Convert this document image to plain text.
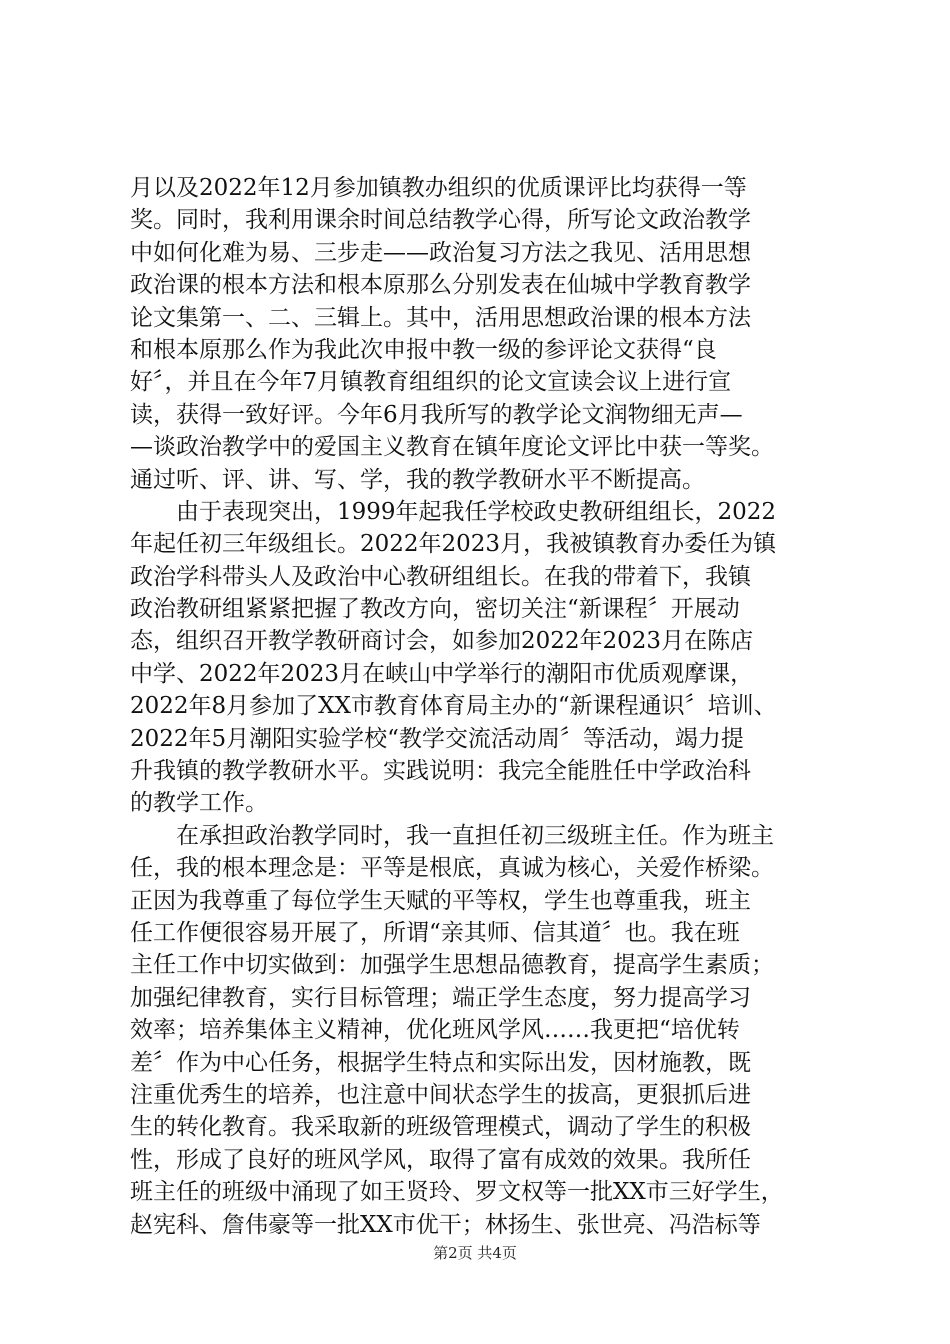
月以及2022年12月参加镇教办组织的优质课评比均获得一等
奖。同时，我利用课余时间总结教学心得，所写论文政治教学
中如何化难为易、三步走——政治复习方法之我见、活用思想
政治课的根本方法和根本原那么分别发表在仙城中学教育教学
论文集第一、二、三辑上。其中，活用思想政治课的根本方法
和根本原那么作为我此次申报中教一级的参评论文获得“良
好〞，并且在今年7月镇教育组组织的论文宣读会议上进行宣
读，获得一致好评。今年6月我所写的教学论文润物细无声—
—谈政治教学中的爱国主义教育在镇年度论文评比中获一等奖。
通过听、评、讲、写、学，我的教学教研水平不断提高。
　　由于表现突出，1999年起我任学校政史教研组组长，2022
年起任初三年级组长。2022年2023月，我被镇教育办委任为镇
政治学科带头人及政治中心教研组组长。在我的带着下，我镇
政治教研组紧紧把握了教改方向，密切关注“新课程〞开展动
态，组织召开教学教研商讨会，如参加2022年2023月在陈店
中学、2022年2023月在峡山中学举行的潮阳市优质观摩课，
2022年8月参加了XX市教育体育局主办的“新课程通识〞培训、
2022年5月潮阳实验学校“教学交流活动周〞等活动，竭力提
升我镇的教学教研水平。实践说明：我完全能胜任中学政治科
的教学工作。
　　在承担政治教学同时，我一直担任初三级班主任。作为班主
任，我的根本理念是：平等是根底，真诚为核心，关爱作桥梁。
正因为我尊重了每位学生天赋的平等权，学生也尊重我，班主
任工作便很容易开展了，所谓“亲其师、信其道〞也。我在班
主任工作中切实做到：加强学生思想品德教育，提高学生素质；
加强纪律教育，实行目标管理；端正学生态度，努力提高学习
效率；培养集体主义精神，优化班风学风……我更把“培优转
差〞作为中心任务，根据学生特点和实际出发，因材施教，既
注重优秀生的培养，也注意中间状态学生的拔高，更狠抓后进
生的转化教育。我采取新的班级管理模式，调动了学生的积极
性，形成了良好的班风学风，取得了富有成效的效果。我所任
班主任的班级中涌现了如王贤玲、罗文权等一批XX市三好学生，
赵宪科、詹伟豪等一批XX市优干；林扬生、张世亮、冯浩标等
第2页 共4页
